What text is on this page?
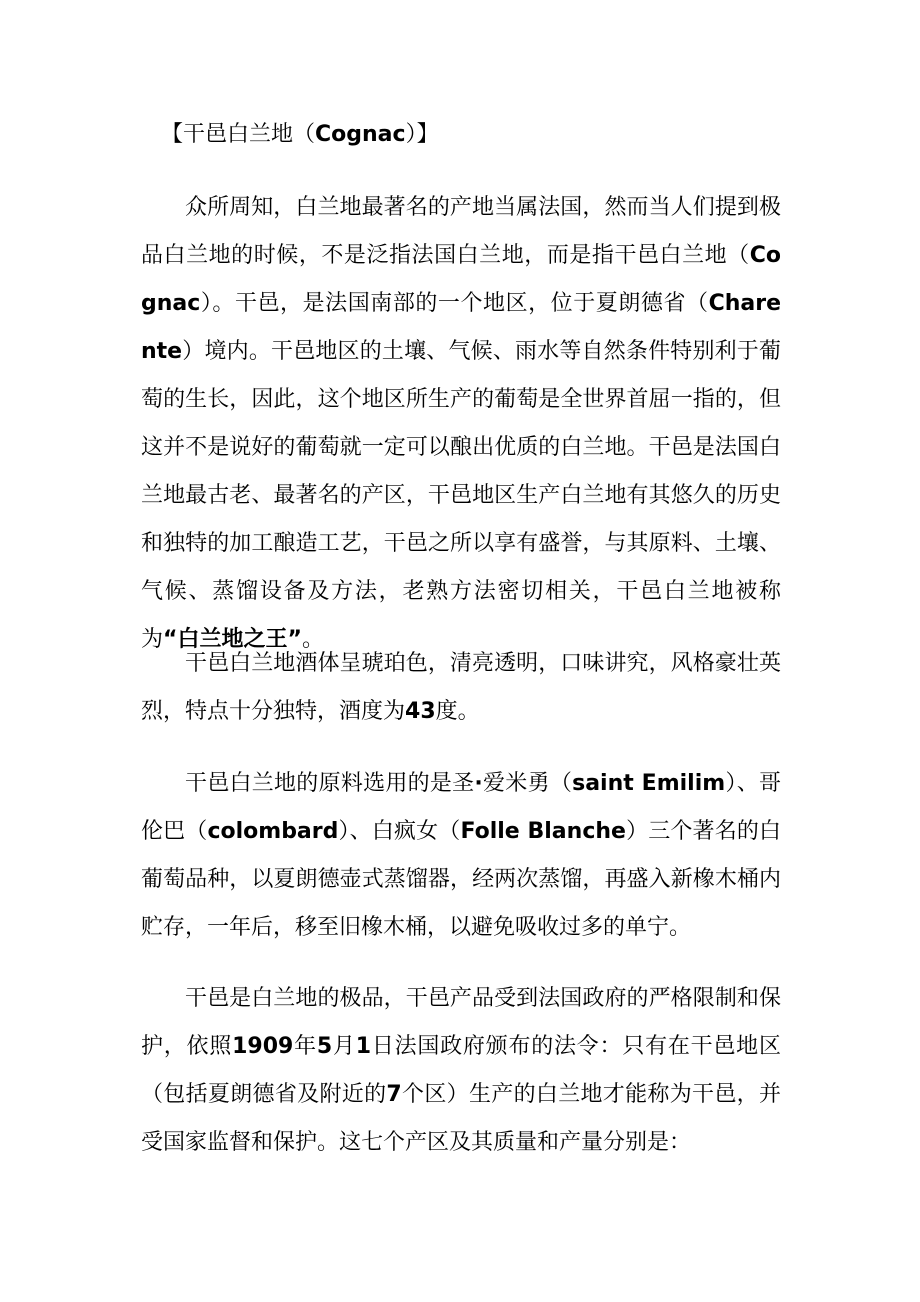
【干邑白兰地（Cognac）】

众所周知，白兰地最著名的产地当属法国，然而当人们提到极品白兰地的时候，不是泛指法国白兰地，而是指干邑白兰地（Cognac）。干邑，是法国南部的一个地区，位于夏朗德省（Charente）境内。干邑地区的土壤、气候、雨水等自然条件特别利于葡萄的生长，因此，这个地区所生产的葡萄是全世界首屈一指的，但这并不是说好的葡萄就一定可以酿出优质的白兰地。干邑是法国白兰地最古老、最著名的产区，干邑地区生产白兰地有其悠久的历史和独特的加工酿造工艺，干邑之所以享有盛誉，与其原料、土壤、气候、蒸馏设备及方法，老熟方法密切相关，干邑白兰地被称为“白兰地之王”。

干邑白兰地酒体呈琥珀色，清亮透明，口味讲究，风格豪壮英烈，特点十分独特，酒度为43度。

干邑白兰地的原料选用的是圣·爱米勇（saint Emilim）、哥伦巴（colombard）、白疯女（Folle Blanche）三个著名的白葡萄品种，以夏朗德壶式蒸馏器，经两次蒸馏，再盛入新橡木桶内贮存，一年后，移至旧橡木桶，以避免吸收过多的单宁。

干邑是白兰地的极品，干邑产品受到法国政府的严格限制和保护，依照1909年5月1日法国政府颁布的法令：只有在干邑地区（包括夏朗德省及附近的7个区）生产的白兰地才能称为干邑，并受国家监督和保护。这七个产区及其质量和产量分别是：
